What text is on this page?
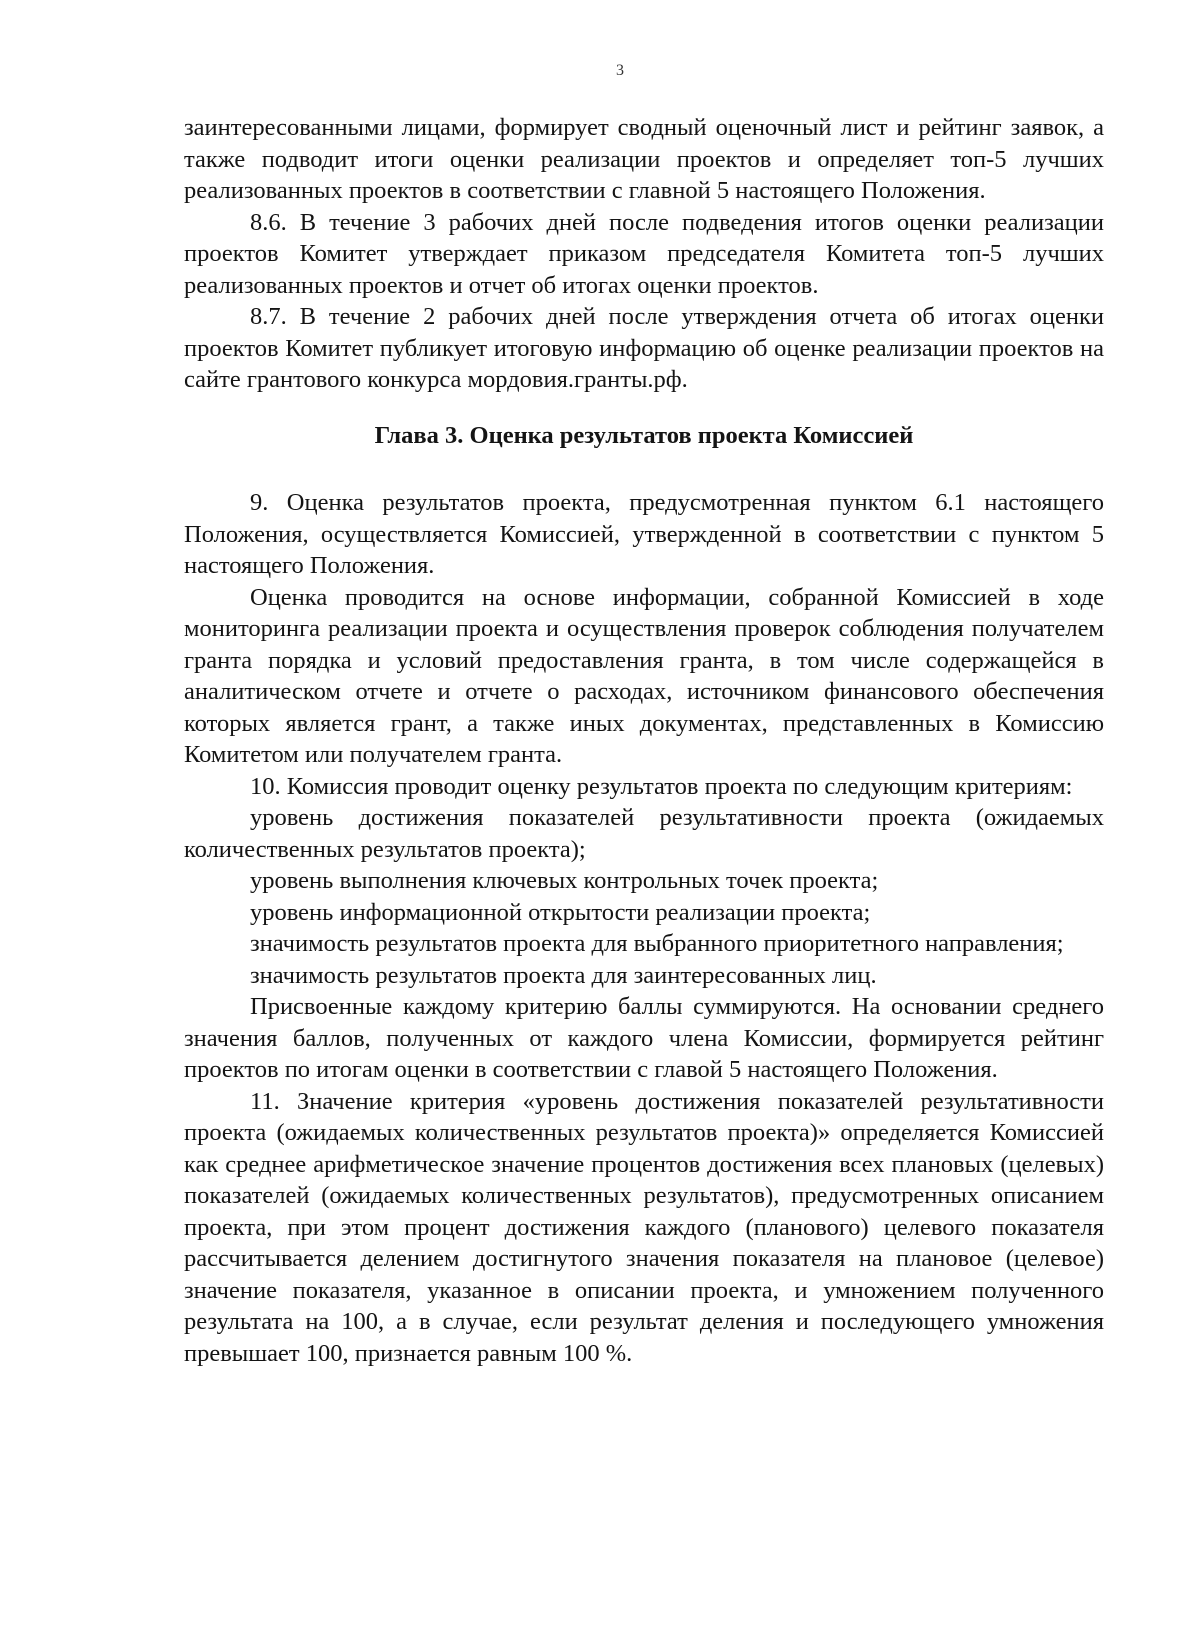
3

заинтересованными лицами, формирует сводный оценочный лист и рейтинг заявок, а также подводит итоги оценки реализации проектов и определяет топ-5 лучших реализованных проектов в соответствии с главной 5 настоящего Положения.

8.6. В течение 3 рабочих дней после подведения итогов оценки реализации проектов Комитет утверждает приказом председателя Комитета топ-5 лучших реализованных проектов и отчет об итогах оценки проектов.

8.7. В течение 2 рабочих дней после утверждения отчета об итогах оценки проектов Комитет публикует итоговую информацию об оценке реализации проектов на сайте грантового конкурса мордовия.гранты.рф.

Глава 3. Оценка результатов проекта Комиссией

9. Оценка результатов проекта, предусмотренная пунктом 6.1 настоящего Положения, осуществляется Комиссией, утвержденной в соответствии с пунктом 5 настоящего Положения.

Оценка проводится на основе информации, собранной Комиссией в ходе мониторинга реализации проекта и осуществления проверок соблюдения получателем гранта порядка и условий предоставления гранта, в том числе содержащейся в аналитическом отчете и отчете о расходах, источником финансового обеспечения которых является грант, а также иных документах, представленных в Комиссию Комитетом или получателем гранта.

10. Комиссия проводит оценку результатов проекта по следующим критериям:

уровень достижения показателей результативности проекта (ожидаемых количественных результатов проекта);

уровень выполнения ключевых контрольных точек проекта;

уровень информационной открытости реализации проекта;

значимость результатов проекта для выбранного приоритетного направления;

значимость результатов проекта для заинтересованных лиц.

Присвоенные каждому критерию баллы суммируются. На основании среднего значения баллов, полученных от каждого члена Комиссии, формируется рейтинг проектов по итогам оценки в соответствии с главой 5 настоящего Положения.

11. Значение критерия «уровень достижения показателей результативности проекта (ожидаемых количественных результатов проекта)» определяется Комиссией как среднее арифметическое значение процентов достижения всех плановых (целевых) показателей (ожидаемых количественных результатов), предусмотренных описанием проекта, при этом процент достижения каждого (планового) целевого показателя рассчитывается делением достигнутого значения показателя на плановое (целевое) значение показателя, указанное в описании проекта, и умножением полученного результата на 100, а в случае, если результат деления и последующего умножения превышает 100, признается равным 100 %.
